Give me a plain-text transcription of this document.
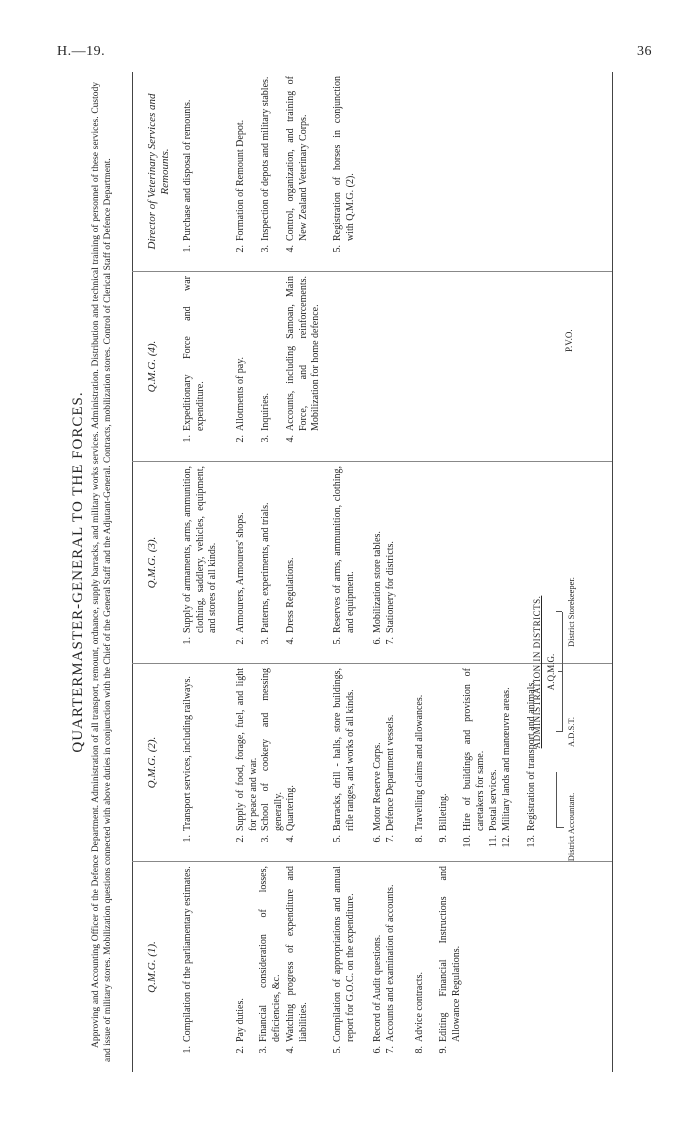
H.—19.	36
QUARTERMASTER-GENERAL TO THE FORCES. Approving and Accounting Officer of the Defence Department. Administration of all transport, remount, ordnance, supply barracks, and military works services. Administration. Distribution and technical training of personnel of these services. Custody and issue of military stores. Mobilization questions connected with above duties in conjunction with the Chief of the General Staff and the Adjutant-General. Contracts, mobilization stores. Control of Clerical Staff of Defence Department.	Q.M.G. (1).
1.
Compilation of the parliamentary estimates.
2.
Pay duties.
3.
Financial consideration of losses, deficiencies, &c.
4.
Watching progress of expenditure and liabilities.
5.
Compilation of appropriations and annual report for G.O.C. on the expenditure.
6.
Record of Audit questions.
7.
Accounts and examination of accounts.
8.
Advice contracts.
9.
Editing Financial Instructions and Allowance Regulations.
Q.M.G. (2).
1.
Transport services, including railways.
2.
Supply of food, forage, fuel, and light for peace and war.
3.
School of cookery and messing generally.
4.
Quartering.
5.
Barracks, drill - halls, store buildings, rifle ranges, and works of all kinds.
6.
Motor Reserve Corps.
7.
Defence Department vessels.
8.
Travelling claims and allowances.
9.
Billeting.
10.
Hire of buildings and provision of caretakers for same.
11.
Postal services.
12.
Military lands and manœuvre areas.
13.
Registration of transport and animals.
Q.M.G. (3).
1.
Supply of armaments, arms, ammunition, clothing, saddlery, vehicles, equipment, and stores of all kinds.
2.
Armourers, Armourers' shops.
3.
Patterns, experiments, and trials.
4.
Dress Regulations.
5.
Reserves of arms, ammunition, clothing, and equipment.
6.
Mobilization store tables.
7.
Stationery for districts.
Q.M.G. (4).
1.
Expeditionary Force and war expenditure.
2.
Allotments of pay.
3.
Inquiries.
4.
Accounts, including Samoan, Main Force, and reinforcements. Mobilization for home defence.
Director of Veterinary Services and Remounts.
1.
Purchase and disposal of remounts.
2.
Formation of Remount Depot.
3.
Inspection of depots and military stables.
4.
Control, organization, and training of New Zealand Veterinary Corps.
5.
Registration of horses in conjunction with Q.M.G. (2).
ADMINISTRATION IN DISTRICTS. A.Q.M.G.
A.D.S.T.
District Storekeeper.
District Accountant.
P.V.O.
